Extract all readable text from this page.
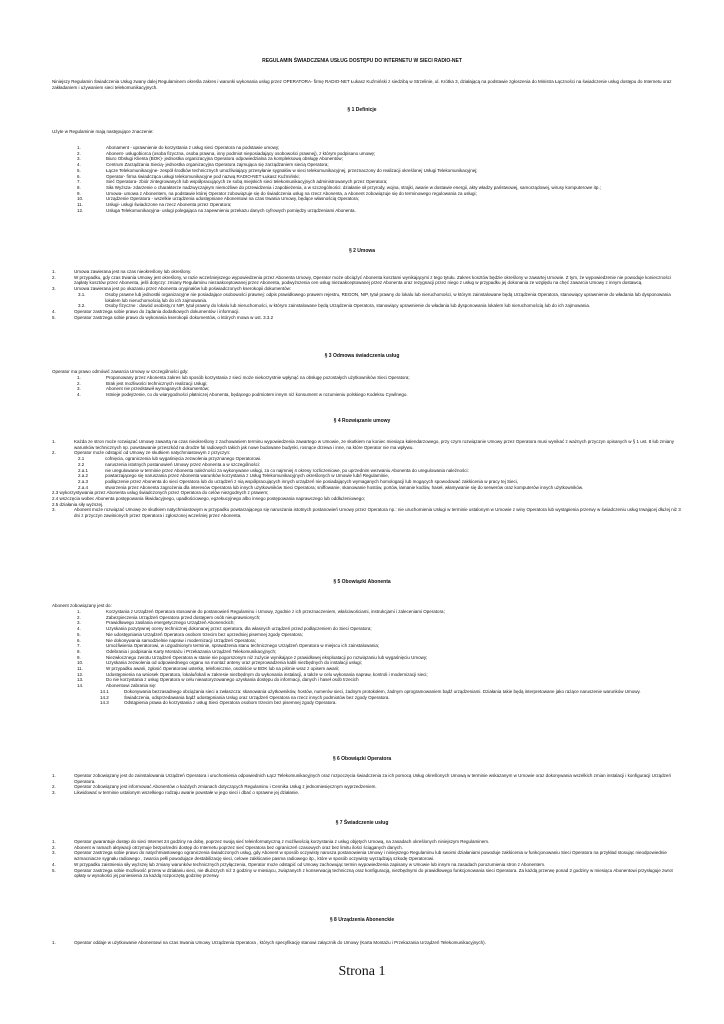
REGULAMIN ŚWIADCZENIA USŁUG DOSTĘPU DO INTERNETU W SIECI RADIO-NET
Niniejszy Regulamin Świadczenia Usług zwany dalej Regulaminem określa zakres i warunki wykonania usług przez OPERATORA- firmę RADIO-NET Łukasz Kuźmiński z siedzibą w Strzelinie, ul. Krótka 3, działającą na podstawie zgłoszenia do Ministra Łączności na świadczenie usług dostępu do Internetu oraz zakładaniem i używaniem sieci telekomunikacyjnych.
§ 1 Definicje
Użyte w Regulaminie mają następujące znaczenie:
1.	Abonament - uprawnienie do korzystania z usług sieci Operatora na podstawie umowy;
2.	Abonent- usługobiorca (osoba fizyczna, osoba prawna, inny podmiot nieposiadający osobowości prawnej), z którym podpisano umowę;
3.	Biuro Obsługi Klienta (BOK)- jednostka organizacyjna Operatora odpowiedzialna za kompleksową obsługę Abonentów;
4.	Centrum Zarządzania Siecią- jednostka organizacyjna Operatora zajmująca się zarządzaniem siecią Operatora;
5.	Łącze Telekomunikacyjne- zespół środków technicznych umożliwiający przesyłanie sygnałów w sieci telekomunikacyjnej, przeznaczony do realizacji określonej Usługi Telekomunikacyjnej;
6.	Operator- firma świadcząca usługi telekomunikacyjne pod nazwą RADIO-NET Łukasz Kuźmiński;
7.	Sieć Operatora- zbiór zintegrowanych lub współpracujących ze sobą miejskich sieci telekomunikacyjnych administrowanych przez Operatora;
8.	Siła Wyższa- zdarzenie o charakterze nadzwyczajnym niemożliwe do przewidzenia i zapobieżenia, a w szczególności: działanie sił przyrody, wojna, strajki, awarie w dostawie energii, akty władzy państwowej, samorządowej, wirusy komputerowe itp.;
9.	Umowa- umowa z Abonentem, na podstawie której Operator zobowiązuje się do świadczenia usług na rzecz Abonenta, a Abonent zobowiązuje się do terminowego regulowania za usługi;
10.	Urządzenie Operatora - wszelkie urządzenia udostępniane Abonentowi na czas trwania Umowy, będące własnością Operatora;
11.	Usługi- usługi świadczone na rzecz Abonenta przez Operatora;
12.	Usługa Telekomunikacyjna- usługi polegająca na zapewnieniu przekazu danych cyfrowych pomiędzy urządzeniami Abonenta.
§ 2 Umowa
1.	Umowa zawierana jest na czas nieokreślony lub określony.
2.	W przypadku, gdy czas trwania Umowy jest określony, w razie wcześniejszego wypowiedzenia przez Abonenta Umowy, Operator może obciążyć Abonenta kosztami wynikającymi z tego tytułu. Zakres kosztów będzie określony w zawartej Umowie. Z tym, że wypowiedzenie nie powoduje konieczności zapłaty kosztów przez Abonenta, jeśli dotyczy: zmiany Regulaminu niezaakceptowanej przez Abonenta, podwyższenia cen usług niezaakceptowanej przez Abonenta oraz rezygnacji przez niego z usług w przypadku jej dokonania ze względu na chęć zawarcia Umowy z innym dostawcą.
3.	Umowa zawierana jest po okazaniu przez Abonenta oryginałów lub poświadczonych kserokopii dokumentów:
3.1.	Osoby prawne lub jednostki organizacyjne nie posiadające osobowości prawnej: odpis prawidłowego prawem rejestru, REGON, NIP, tytuł prawny do lokalu lub nieruchomości, w którym zainstalowane będą Urządzenia Operatora, stanowiący uprawnienie do władania lub dysponowania lokalem lub nieruchomością lub do ich zajmowania.
3.2.	Osoby fizyczne : dowód osobisty,nr NIP, tytuł prawny do lokalu lub nieruchomości, w którym zainstalowane będą Urządzenia Operatora, stanowiący uprawnienie do władania lub dysponowania lokalem lub nieruchomością lub do ich zajmowania.
4.	Operator zastrzega sobie prawo do żądania dodatkowych dokumentów i informacji.
5.	Operator zastrzega sobie prawo do wykonania kserokopii dokumentów, o których mowa w ust. 3.3.2
§ 3 Odmowa świadczenia usług
Operator ma prawo odmówić zawarcia Umowy w szczególności gdy:
1.	Proponowany przez Abonenta zakres lub sposób korzystania z sieci może niekorzystnie wpłynąć na obsługę pozostałych użytkowników Sieci Operatora;
2.	Brak jest możliwości technicznych realizacji Usługi;
3.	Abonent nie przedstawił wymaganych dokumentów;
4.	Istnieje podejrzenie, co do wiarygodności płatniczej Abonenta, będącego podmiotem innym niż konsument w rozumieniu polskiego Kodeksu Cywilnego.
§ 4 Rozwiązanie umowy
1.	Każda ze stron może rozwiązać Umowę zawartą na czas nieokreślony z zachowaniem terminu wypowiedzenia zawartego w Umowie, ze skutkiem na koniec miesiąca kalendarzowego, przy czym rozwiązanie Umowy przez Operatora musi wynikać z ważnych przyczyn opisanych w § 1 ust. 8 lub zmiany warunków technicznych np. powstawanie przeszkód na drodze fal radiowych takich jak nowe budowane budynki, rosnące drzewa i inne, na które Operator nie ma wpływu.
2.	Operator może odstąpić od Umowy ze skutkiem natychmiastowym z przyczyn:
2.1	cofnięcia, ograniczenia lub wygaśnięcia zezwolenia przyznanego Operatorowi.
2.2	naruszenia istotnych postanowień Umowy przez Abonenta a w szczególności:
2.a.1	nie uregulowanie w terminie przez Abonenta należności za wykonywane usługi, za co najmniej 4 okresy rozliczeniowe, po uprzednim wezwaniu Abonenta do uregulowania należności:
2.a.2	powtarzającego się naruszania przez Abonenta warunków korzystania z Usług Telekomunikacyjnych określonych w Umowie lub/i Regulaminie,
2.a.3	podłączenie przez Abonenta do sieci Operatora lub do urządzeń z nią współpracujących innych urządzeń nie posiadających wymaganych homologacji lub mogących spowodować zakłócenia w pracy tej Sieci,
2.a.4	stworzenia przez Abonenta zagrożenia dla interesów Operatora lub innych użytkowników Sieci Operatora; sniffowanie, skanowanie hostów, portów, łamanie kodów, haseł, włamywanie się do serwerów oraz komputerów innych użytkowników.
2.3 wykorzystywania przez Abonenta usług świadczonych przez Operatora do celów niezgodnych z prawem;
2.4 wszczęcia wobec Abonenta postępowania likwidacyjnego, upadłościowego, egzekucyjnego albo innego postępowania naprawczego lub oddłużeniowego;
2.5 działania siły wyższej.
3.	Abonent może rozwiązać Umowę ze skutkiem natychmiastowym w przypadku powtarzającego się naruszania istotnych postanowień Umowy przez Operatora np.: nie uruchomienia Usługi w terminie ustalonym w Umowie z winy Operatora lub wystąpienia przerwy w świadczeniu usług trwającej dłużej niż 3 dni z przyczyn zawinionych przez Operatora i zgłoszonej wcześniej przez Abonenta.
§ 5 Obowiązki Abonenta
Abonent zobowiązany jest do:
1.	Korzystania z Urządzeń Operatora stosownie do postanowień Regulaminu i Umowy, zgodnie z ich przeznaczeniem, właściwościami, instrukcjami i zaleceniami Operatora;
2.	Zabezpieczenia Urządzeń Operatora przed dostępem osób nieuprawnionych;
3.	Prawidłowego zasilania energetycznego Urządzeń Abonenckich;
4.	Uzyskania pozytywnej oceny technicznej dokonanej przez operatora, dla własnych urządzeń przed podłączeniem do Sieci Operatora;
5.	Nie udostępniania Urządzeń Operatora osobom trzecim bez uprzedniej pisemnej zgody Operatora;
6.	Nie dokonywania samodzielnie napraw i modernizacji Urządzeń Operatora;
7.	Umożliwienia Operatorowi, w uzgodnionym terminie, sprawdzenia stanu technicznego Urządzeń Operatora w miejscu ich zainstalowania;
8.	Odebrania i podpisania Karty Montażu i Przekazania Urządzeń Telekomunikacyjnych;
9.	Niezwłocznego zwrotu Urządzeń Operatora w stanie nie pogorszonym niż zużycie wynikające z prawidłowej eksploatacji po rozwiązaniu lub wygaśnięciu Umowy;
10.	Uzyskania zezwolenia od odpowiedniego organu na montaż anteny oraz przeprowadzenia kabli niezbędnych do instalacji usługi;
11.	W przypadku awarii, zgłosić Operatorowi usterkę, telefonicznie, osobiście w BOK lub na piśmie wraz z opisem awarii;
12.	Udostępnienia na wniosek Operatora, lokalu/lokali w zakresie niezbędnym do wykonania instalacji, a także w celu wykonania napraw, kontroli i modernizacji sieci;
13.	Do nie korzystania z usług Operatora w celu nieautoryzowanego uzyskania dostępu do informacji, danych i haseł osób trzecich
14.	Abonentowi zabrania się:
14.1	Dokonywania bezzasadnego obciążania sieci a zwłaszcza: skanowania użytkowników, hostów, numerów sieci, żadnym protokołem, żadnym oprogramowaniem bądź urządzeniami. Działania takie będą interpretowane jako rażące naruszenie warunków Umowy.
14.2	Świadczenia, odsprzedawania bądź udostępniania Usług oraz Urządzeń Operatora na rzecz innych podmiotów bez zgody Operatora.
14.3	Odstąpienia prawa do korzystania z usług Sieci Operatora osobom trzecim bez pisemnej zgody Operatora.
§ 6 Obowiązki Operatora
1.	Operator zobowiązany jest do zainstalowania Urządzeń Operatora i uruchomienia odpowiednich Łącz Telekomunikacyjnych oraz rozpoczęcia świadczenia za ich pomocą Usług określonych Umową w terminie wskazanym w Umowie oraz dokonywania wszelkich zmian instalacji i konfiguracji Urządzeń Operatora.
2.	Operator zobowiązany jest informować Abonentów o każdych zmianach dotyczących Regulaminu i Cennika Usług z jednomiesięcznym wyprzedzeniem.
3.	Likwidować w terminie ustalonym wszelkiego rodzaju awarie powstałe w jego sieci i dbać o sprawne jej działanie.
§ 7 Świadczenie usług
1.	Operator gwarantuje dostęp do sieci Internet 24 godziny na dobę, poprzez swoją sieć teleinformatyczną z możliwością korzystania z usług objętych Umową, na zasadach określonych niniejszym Regulaminem.
2.	Abonent w ramach aktywacji otrzymuje bezpośredni dostęp do Internetu poprzez sieć Operatora bez ograniczeń czasowych oraz bez limitu ilości ściąganych danych.
3.	Operator zastrzega sobie prawo do natychmiastowego ograniczenia świadczonych usług, gdy Abonent w sposób oczywisty narusza postanowienia Umowy i niniejszego Regulaminu lub swoimi działaniami powoduje zakłócenia w funkcjonowaniu Sieci Operatora na przykład stosując nieodpowiednie wzmacniacze sygnału radiowego , zwarcia pełli powodujące destabilizację sieci, celowe zakłócanie pasma radiowego itp., które w sposób oczywisty wyrządzają szkodę Operatorowi.
4.	W przypadku zaistnienia siły wyższej lub zmiany warunków technicznych przyłączenia, Operator może odstąpić od Umowy zachowując termin wypowiedzenia zapisany w Umowie lub innym na zasadach porozumienia stron z Abonentem.
5.	Operator zastrzega sobie możliwość przerw w działaniu sieci, nie dłuższych niż 2 godziny w miesiącu, związanych z konserwacją techniczną oraz konfiguracją, niezbędnymi do prawidłowego funkcjonowania sieci Operatora. Za każdą przerwę ponad 2 godziny w miesiącu Abonentowi przysługuje zwrot opłaty w wysokości jej poniesienia za każdą rozpoczętą godzinę przerwy.
§ 8 Urządzenia Abonenckie
1.	Operator oddaje w użytkowanie Abonentowi na czas trwania Umowy Urządzenia Operatora , których specyfikację stanowi załącznik do Umowy (Karta Montażu i Przekazania Urządzeń Telekomunikacyjnych).
Strona 1
